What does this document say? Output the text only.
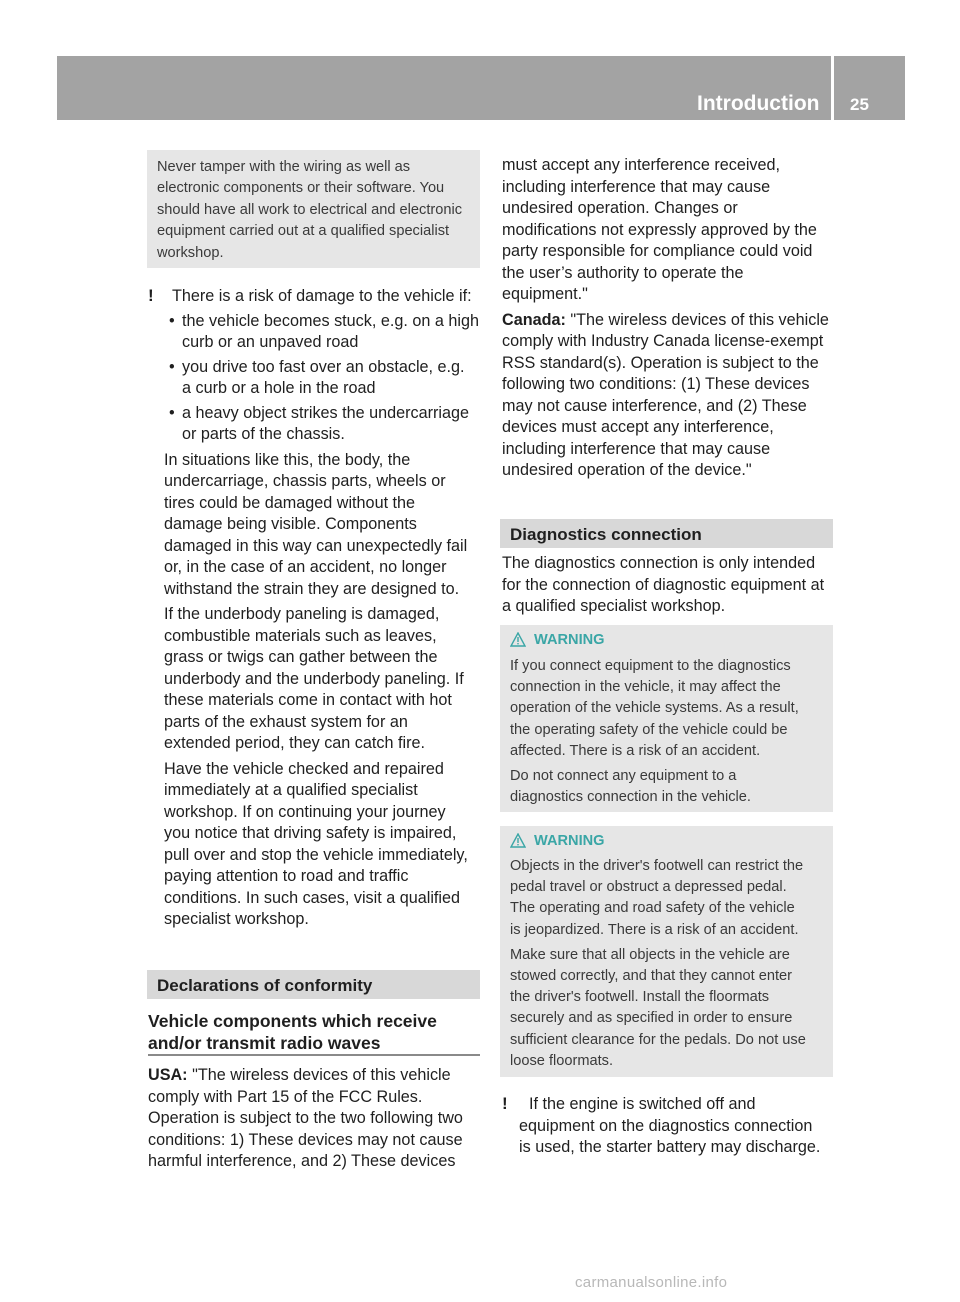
Introduction 25

Never tamper with the wiring as well as electronic components or their software. You should have all work to electrical and electronic equipment carried out at a qualified specialist workshop.

! There is a risk of damage to the vehicle if:

• the vehicle becomes stuck, e.g. on a high
curb or an unpaved road
• you drive too fast over an obstacle, e.g.
a curb or a hole in the road
• a heavy object strikes the undercarriage
or parts of the chassis.
In situations like this, the body, the
undercarriage, chassis parts, wheels or
tires could be damaged without the
damage being visible. Components
damaged in this way can unexpectedly fail
or, in the case of an accident, no longer
withstand the strain they are designed to.
If the underbody paneling is damaged,
combustible materials such as leaves,
grass or twigs can gather between the
underbody and the underbody paneling. If
these materials come in contact with hot
parts of the exhaust system for an
extended period, they can catch fire.
Have the vehicle checked and repaired
immediately at a qualified specialist
workshop. If on continuing your journey
you notice that driving safety is impaired,
pull over and stop the vehicle immediately,
paying attention to road and traffic
conditions. In such cases, visit a qualified
specialist workshop.
Declarations of conformity
Vehicle components which receive
and/or transmit radio waves
USA: "The wireless devices of this vehicle
comply with Part 15 of the FCC Rules.
Operation is subject to the two following two
conditions: 1) These devices may not cause
harmful interference, and 2) These devices
must accept any interference received,
including interference that may cause
undesired operation. Changes or
modifications not expressly approved by the
party responsible for compliance could void
the user’s authority to operate the
equipment."
Canada: "The wireless devices of this vehicle
comply with Industry Canada license-exempt
RSS standard(s). Operation is subject to the
following two conditions: (1) These devices
may not cause interference, and (2) These
devices must accept any interference,
including interference that may cause
undesired operation of the device."
Diagnostics connection
The diagnostics connection is only intended
for the connection of diagnostic equipment at
a qualified specialist workshop.
WARNING

If you connect equipment to the diagnostics
connection in the vehicle, it may affect the
operation of the vehicle systems. As a result,
the operating safety of the vehicle could be
affected. There is a risk of an accident.

Do not connect any equipment to a
diagnostics connection in the vehicle.

WARNING

Objects in the driver's footwell can restrict the
pedal travel or obstruct a depressed pedal.
The operating and road safety of the vehicle
is jeopardized. There is a risk of an accident.

Make sure that all objects in the vehicle are
stowed correctly, and that they cannot enter
the driver's footwell. Install the floormats
securely and as specified in order to ensure
sufficient clearance for the pedals. Do not use
loose floormats.

! If the engine is switched off and
equipment on the diagnostics connection
is used, the starter battery may discharge.
carmanualsonline.info
